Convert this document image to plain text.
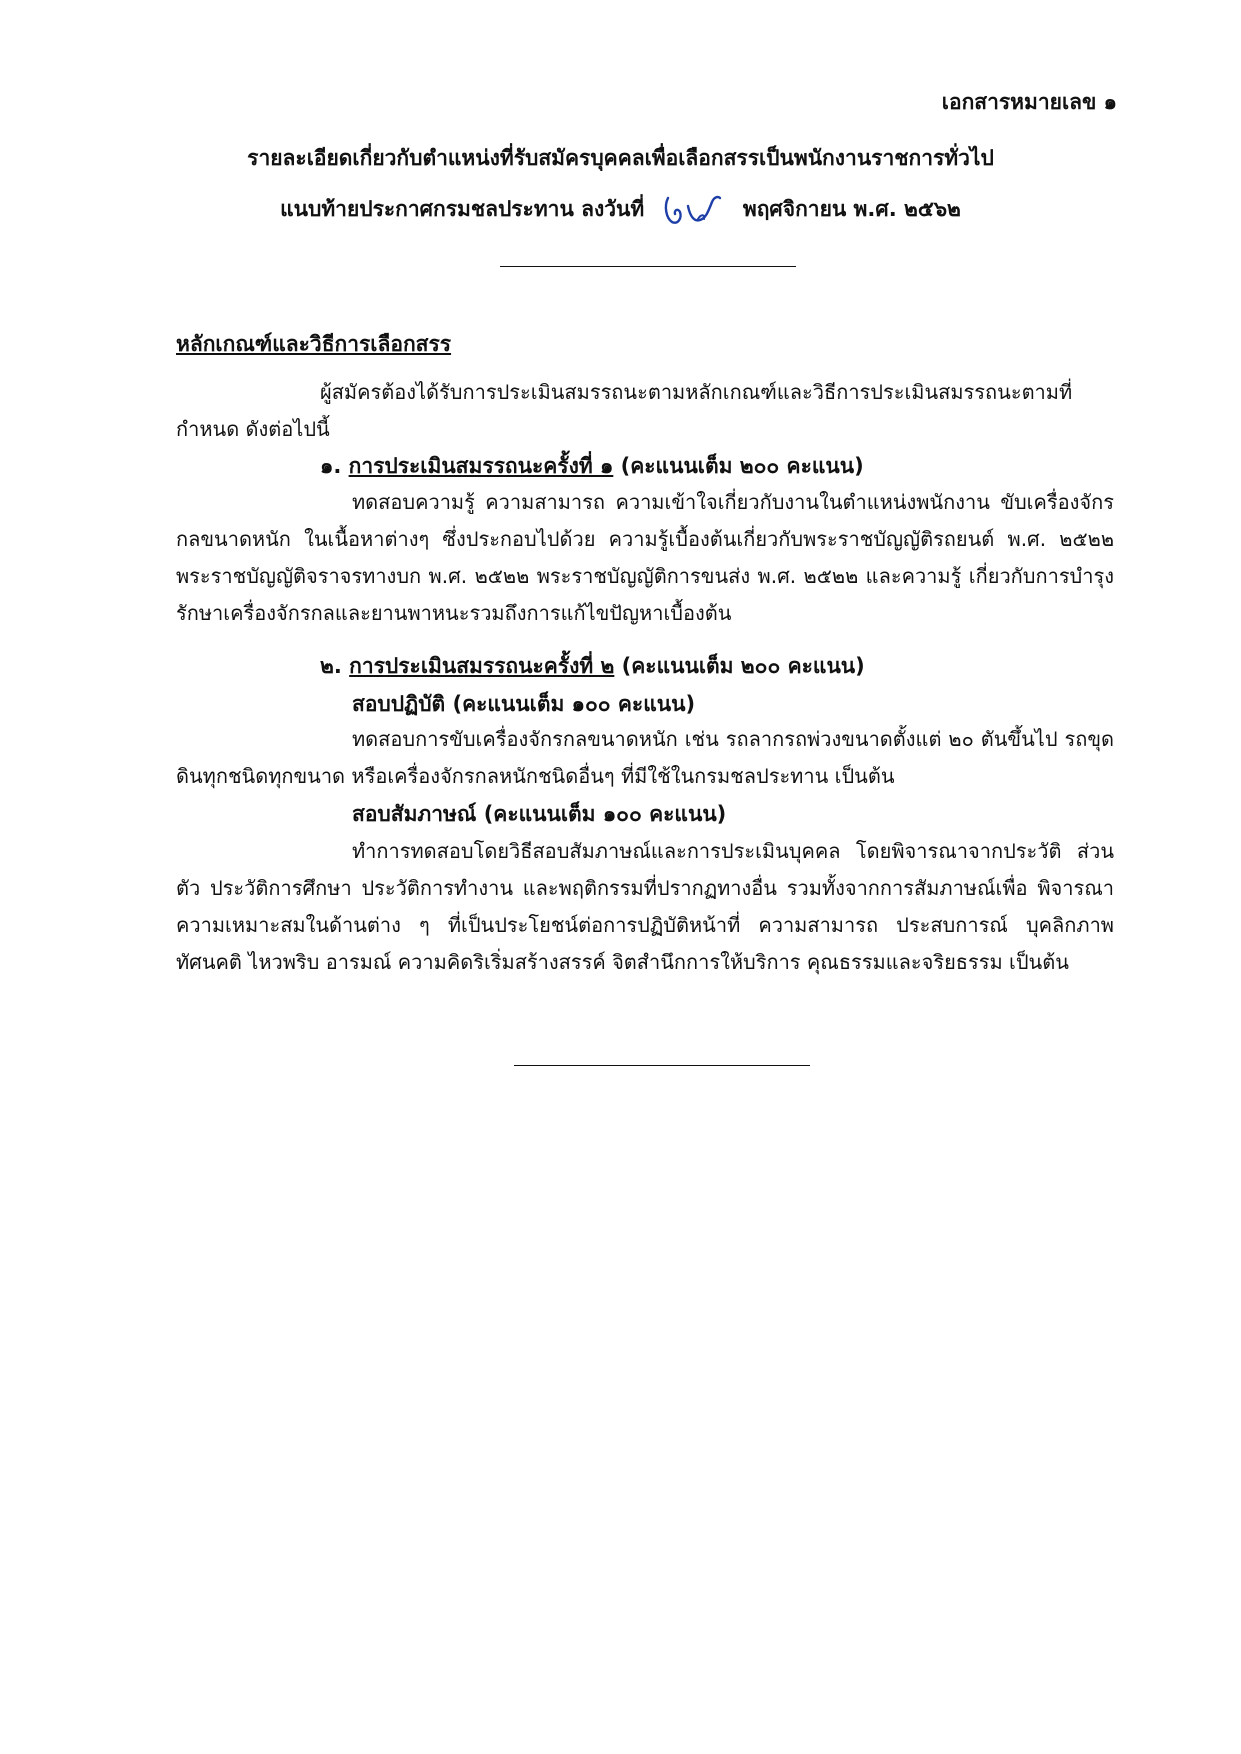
เอกสารหมายเลข ๑
รายละเอียดเกี่ยวกับตำแหน่งที่รับสมัครบุคคลเพื่อเลือกสรรเป็นพนักงานราชการทั่วไป
แนบท้ายประกาศกรมชลประทาน ลงวันที่	พฤศจิกายน พ.ศ. ๒๕๖๒
หลักเกณฑ์และวิธีการเลือกสรร
ผู้สมัครต้องได้รับการประเมินสมรรถนะตามหลักเกณฑ์และวิธีการประเมินสมรรถนะตามที่กำหนด ดังต่อไปนี้
๑. การประเมินสมรรถนะครั้งที่ ๑ (คะแนนเต็ม ๒๐๐ คะแนน)
ทดสอบความรู้ ความสามารถ ความเข้าใจเกี่ยวกับงานในตำแหน่งพนักงาน ขับเครื่องจักรกลขนาดหนัก ในเนื้อหาต่างๆ ซึ่งประกอบไปด้วย ความรู้เบื้องต้นเกี่ยวกับพระราชบัญญัติรถยนต์ พ.ศ. ๒๕๒๒ พระราชบัญญัติจราจรทางบก พ.ศ. ๒๕๒๒ พระราชบัญญัติการขนส่ง พ.ศ. ๒๕๒๒ และความรู้ เกี่ยวกับการบำรุงรักษาเครื่องจักรกลและยานพาหนะรวมถึงการแก้ไขปัญหาเบื้องต้น
๒. การประเมินสมรรถนะครั้งที่ ๒ (คะแนนเต็ม ๒๐๐ คะแนน)
สอบปฏิบัติ (คะแนนเต็ม ๑๐๐ คะแนน)
ทดสอบการขับเครื่องจักรกลขนาดหนัก เช่น รถลากรถพ่วงขนาดตั้งแต่ ๒๐ ตันขึ้นไป รถขุดดินทุกชนิดทุกขนาด หรือเครื่องจักรกลหนักชนิดอื่นๆ ที่มีใช้ในกรมชลประทาน เป็นต้น
สอบสัมภาษณ์ (คะแนนเต็ม ๑๐๐ คะแนน)
ทำการทดสอบโดยวิธีสอบสัมภาษณ์และการประเมินบุคคล โดยพิจารณาจากประวัติ ส่วนตัว ประวัติการศึกษา ประวัติการทำงาน และพฤติกรรมที่ปรากฏทางอื่น รวมทั้งจากการสัมภาษณ์เพื่อ พิจารณา ความเหมาะสมในด้านต่าง ๆ ที่เป็นประโยชน์ต่อการปฏิบัติหน้าที่ ความสามารถ ประสบการณ์ บุคลิกภาพ ทัศนคติ ไหวพริบ อารมณ์ ความคิดริเริ่มสร้างสรรค์ จิตสำนึกการให้บริการ คุณธรรมและจริยธรรม เป็นต้น
